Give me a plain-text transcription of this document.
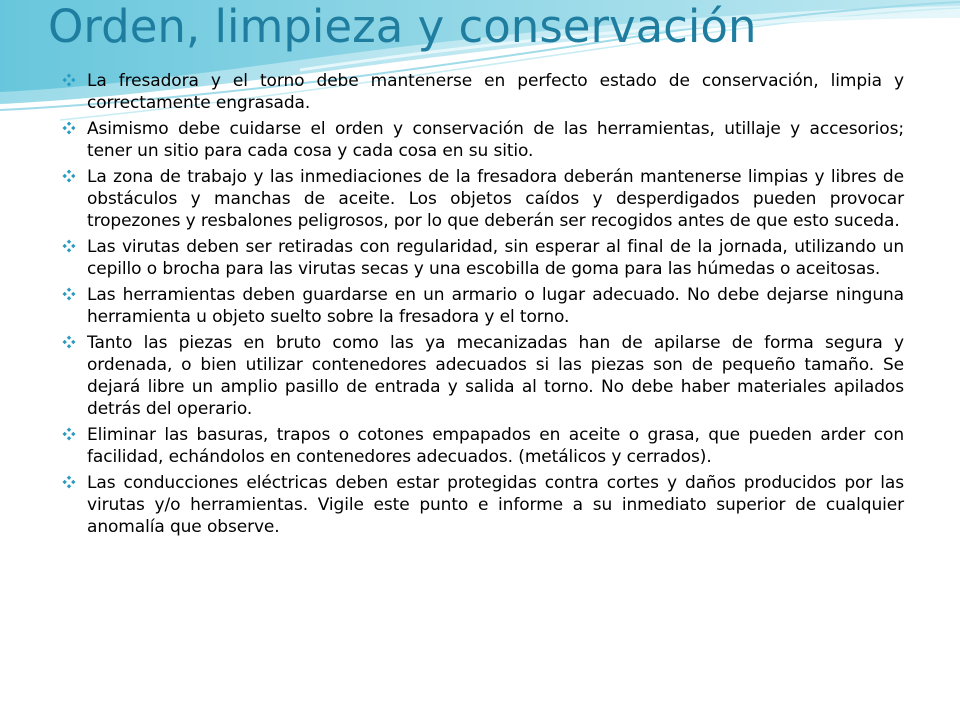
Orden, limpieza y conservación
La fresadora y el torno debe mantenerse en perfecto estado de conservación, limpia y correctamente engrasada.
Asimismo debe cuidarse el orden y conservación de las herramientas, utillaje y accesorios; tener un sitio para cada cosa y cada cosa en su sitio.
La zona de trabajo y las inmediaciones de la fresadora deberán mantenerse limpias y libres de obstáculos y manchas de aceite. Los objetos caídos y desperdigados pueden provocar tropezones y resbalones peligrosos, por lo que deberán ser recogidos antes de que esto suceda.
Las virutas deben ser retiradas con regularidad, sin esperar al final de la jornada, utilizando un cepillo o brocha para las virutas secas y una escobilla de goma para las húmedas o aceitosas.
Las herramientas deben guardarse en un armario o lugar adecuado. No debe dejarse ninguna herramienta u objeto suelto sobre la fresadora y el torno.
Tanto las piezas en bruto como las ya mecanizadas han de apilarse de forma segura y ordenada, o bien utilizar contenedores adecuados si las piezas son de pequeño tamaño. Se dejará libre un amplio pasillo de entrada y salida al torno. No debe haber materiales apilados detrás del operario.
Eliminar las basuras, trapos o cotones empapados en aceite o grasa, que pueden arder con facilidad, echándolos en contenedores adecuados. (metálicos y cerrados).
Las conducciones eléctricas deben estar protegidas contra cortes y daños producidos por las virutas y/o herramientas. Vigile este punto e informe a su inmediato superior de cualquier anomalía que observe.
